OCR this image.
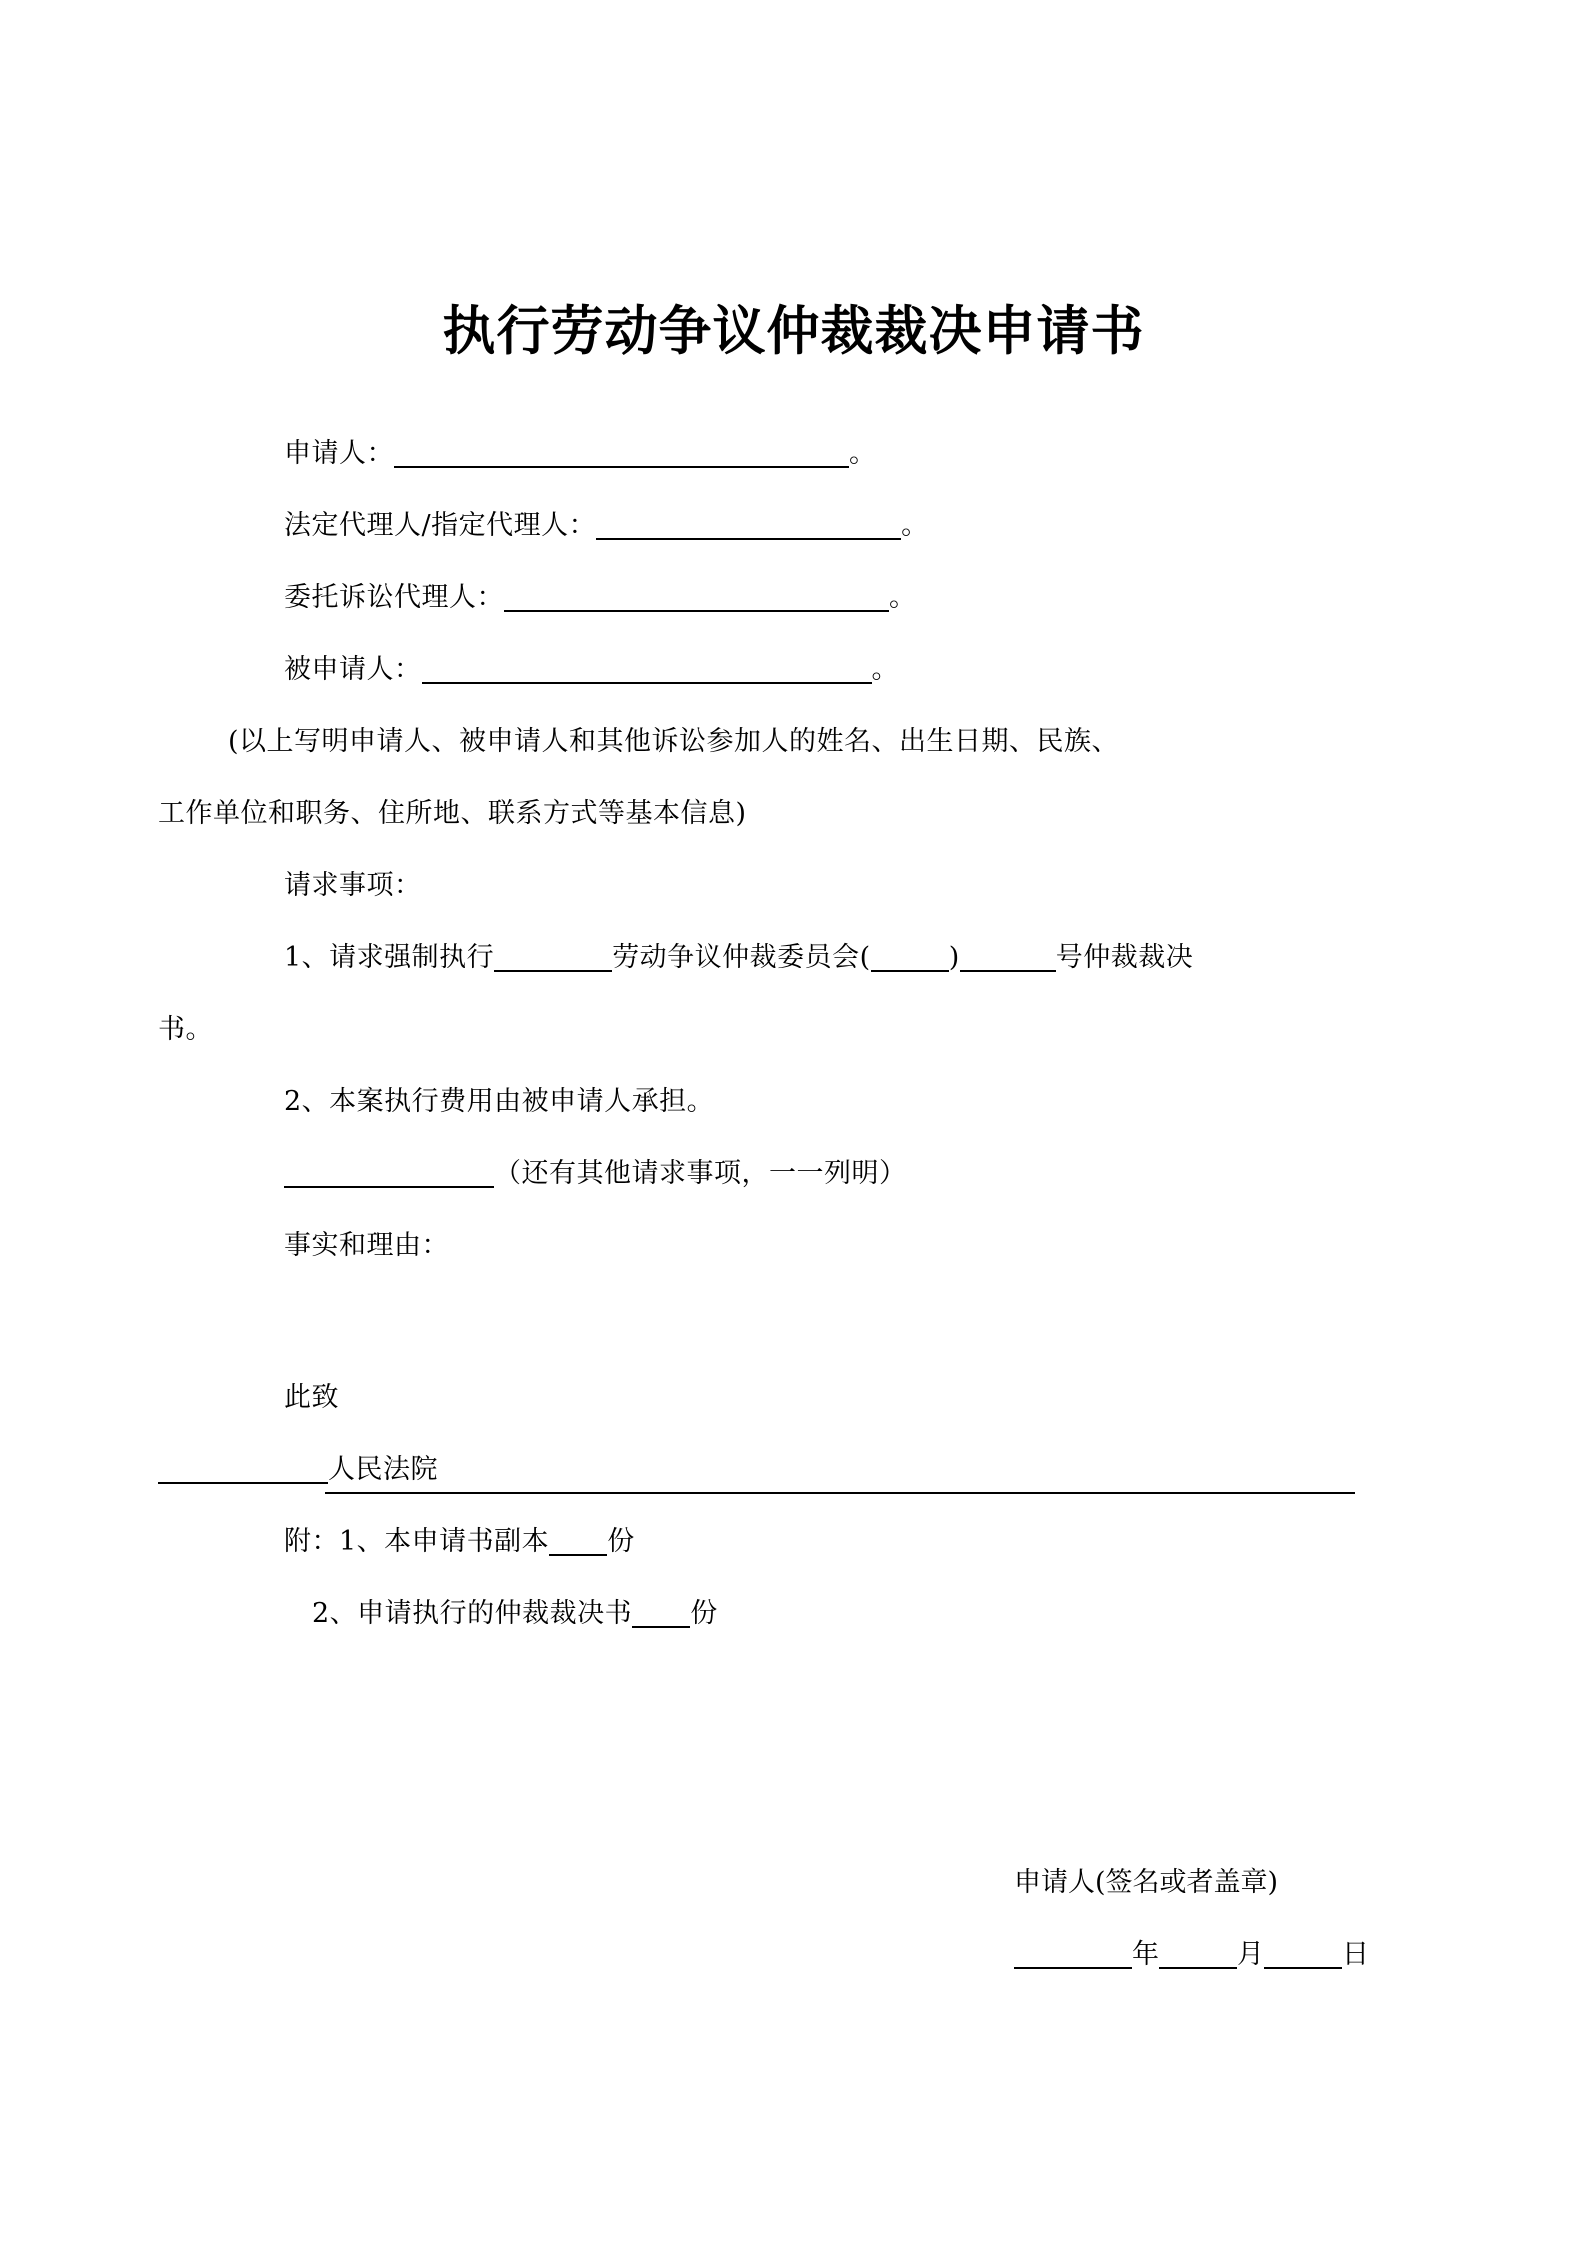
执行劳动争议仲裁裁决申请书
申请人：	。
法定代理人/指定代理人：	。
委托诉讼代理人：	。
被申请人：	。
(以上写明申请人、被申请人和其他诉讼参加人的姓名、出生日期、民族、
工作单位和职务、住所地、联系方式等基本信息)
请求事项：
1、请求强制执行	劳动争议仲裁委员会(	)	号仲裁裁决
书。
2、本案执行费用由被申请人承担。
（还有其他请求事项，一一列明）
事实和理由：
此致
人民法院
附：1、本申请书副本 份
2、申请执行的仲裁裁决书 份
申请人(签名或者盖章)
年	月	日
